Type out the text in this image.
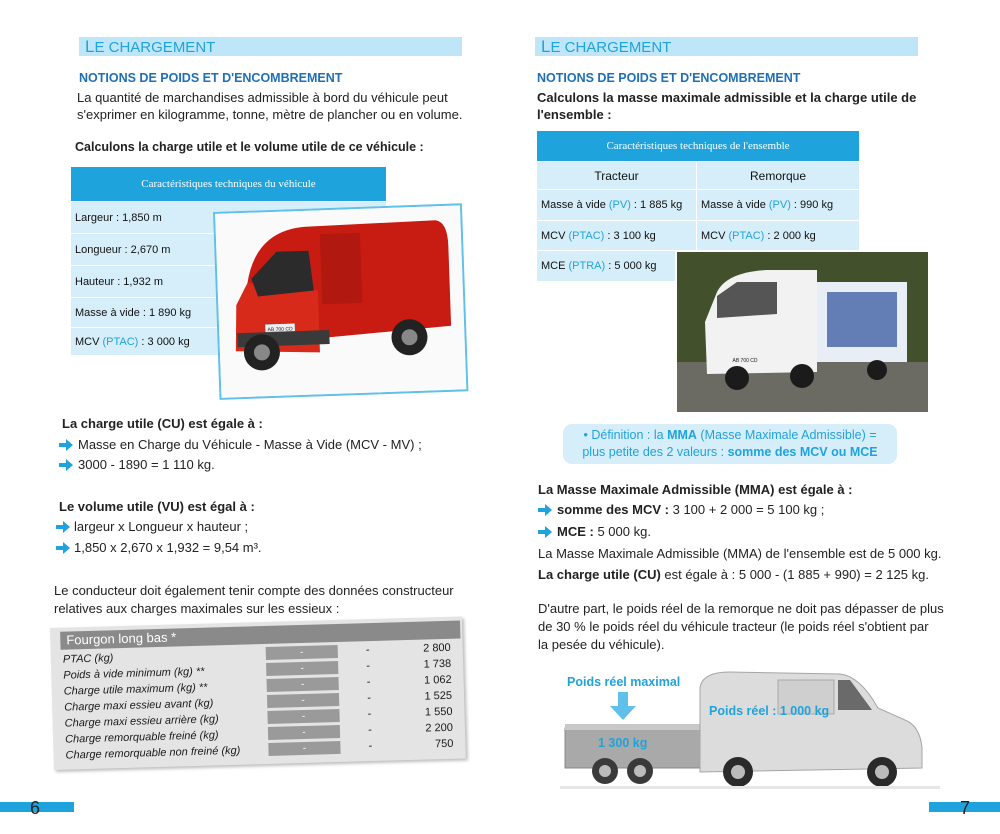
LE CHARGEMENT
NOTIONS DE POIDS ET D'ENCOMBREMENT
La quantité de marchandises admissible à bord du véhicule peut
s'exprimer en kilogramme, tonne, mètre de plancher ou en volume.
Calculons la charge utile et le volume utile de ce véhicule :
Caractéristiques techniques du véhicule
Largeur : 1,850 m
Longueur : 2,670 m
Hauteur : 1,932 m
Masse à vide : 1 890 kg
MCV (PTAC) : 3 000 kg
AB 700 CD
La charge utile (CU) est égale à :
Masse en Charge du Véhicule - Masse à Vide (MCV - MV) ;
3000 - 1890 = 1 110 kg.
Le volume utile (VU) est égal à :
largeur x Longueur x hauteur ;
1,850 x 2,670 x 1,932 = 9,54 m³.
Le conducteur doit également tenir compte des données constructeur
relatives aux charges maximales sur les essieux :
Fourgon long bas *
PTAC (kg)	-	-	2 800
Poids à vide minimum (kg) **	-	-	1 738
Charge utile maximum (kg) **	-	-	1 062
Charge maxi essieu avant (kg)	-	-	1 525
Charge maxi essieu arrière (kg)	-	-	1 550
Charge remorquable freiné (kg)	-	-	2 200
Charge remorquable non freiné (kg)	-	-	750
6
LE CHARGEMENT
NOTIONS DE POIDS ET D'ENCOMBREMENT
Calculons la masse maximale admissible et la charge utile de
l'ensemble :
Caractéristiques techniques de l'ensemble
Tracteur	Remorque
Masse à vide (PV) : 1 885 kg	Masse à vide (PV) : 990 kg
MCV (PTAC) : 3 100 kg	MCV (PTAC) : 2 000 kg
MCE (PTRA) : 5 000 kg
AB 700 CD
• Définition : la MMA (Masse Maximale Admissible) =
plus petite des 2 valeurs : somme des MCV ou MCE
La Masse Maximale Admissible (MMA) est égale à :
somme des MCV : 3 100 + 2 000 = 5 100 kg ;
MCE : 5 000 kg.
La Masse Maximale Admissible (MMA) de l'ensemble est de 5 000 kg.
La charge utile (CU) est égale à : 5 000 - (1 885 + 990) = 2 125 kg.
D'autre part, le poids réel de la remorque ne doit pas dépasser de plus
de 30 % le poids réel du véhicule tracteur (le poids réel s'obtient par
la pesée du véhicule).
Poids réel maximal
1 300 kg
Poids réel : 1 000 kg
7
